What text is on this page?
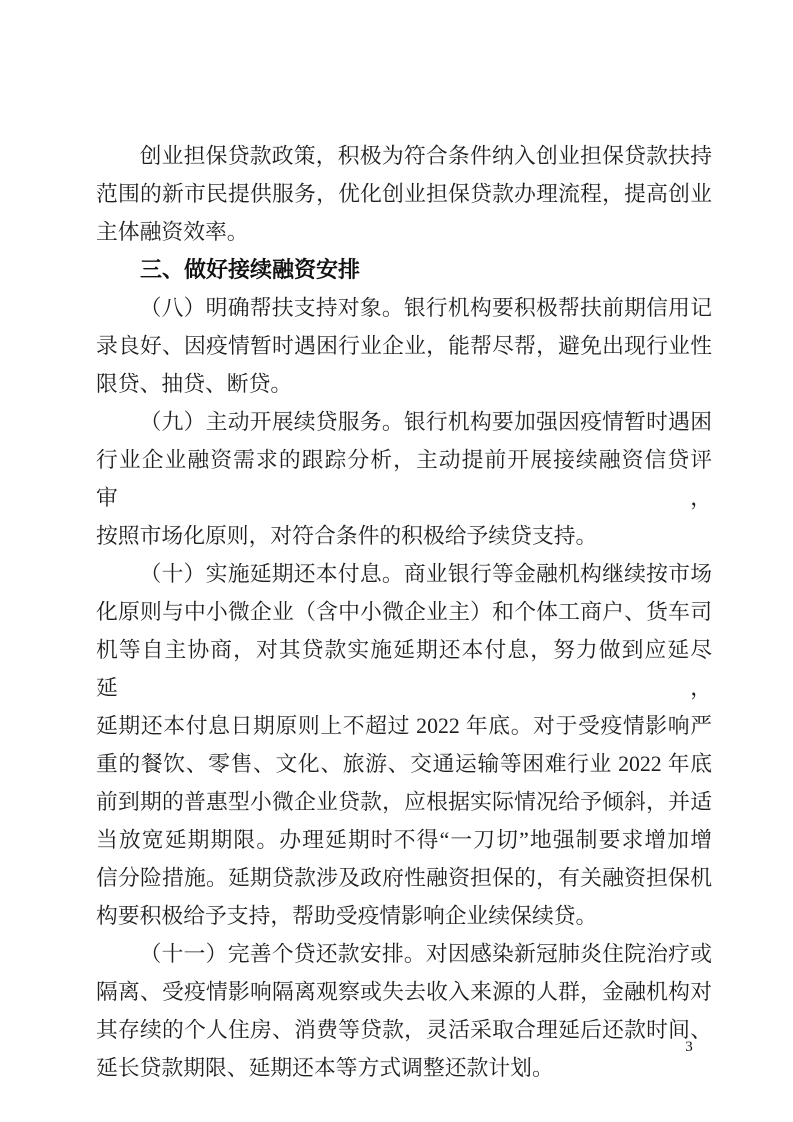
创业担保贷款政策，积极为符合条件纳入创业担保贷款扶持
范围的新市民提供服务，优化创业担保贷款办理流程，提高创业
主体融资效率。

三、做好接续融资安排

（八）明确帮扶支持对象。银行机构要积极帮扶前期信用记
录良好、因疫情暂时遇困行业企业，能帮尽帮，避免出现行业性
限贷、抽贷、断贷。

（九）主动开展续贷服务。银行机构要加强因疫情暂时遇困
行业企业融资需求的跟踪分析，主动提前开展接续融资信贷评审，
按照市场化原则，对符合条件的积极给予续贷支持。

（十）实施延期还本付息。商业银行等金融机构继续按市场
化原则与中小微企业（含中小微企业主）和个体工商户、货车司
机等自主协商，对其贷款实施延期还本付息，努力做到应延尽延，
延期还本付息日期原则上不超过 2022 年底。对于受疫情影响严
重的餐饮、零售、文化、旅游、交通运输等困难行业 2022 年底
前到期的普惠型小微企业贷款，应根据实际情况给予倾斜，并适
当放宽延期期限。办理延期时不得“一刀切”地强制要求增加增
信分险措施。延期贷款涉及政府性融资担保的，有关融资担保机
构要积极给予支持，帮助受疫情影响企业续保续贷。

（十一）完善个贷还款安排。对因感染新冠肺炎住院治疗或
隔离、受疫情影响隔离观察或失去收入来源的人群，金融机构对
其存续的个人住房、消费等贷款，灵活采取合理延后还款时间、
延长贷款期限、延期还本等方式调整还款计划。

3
